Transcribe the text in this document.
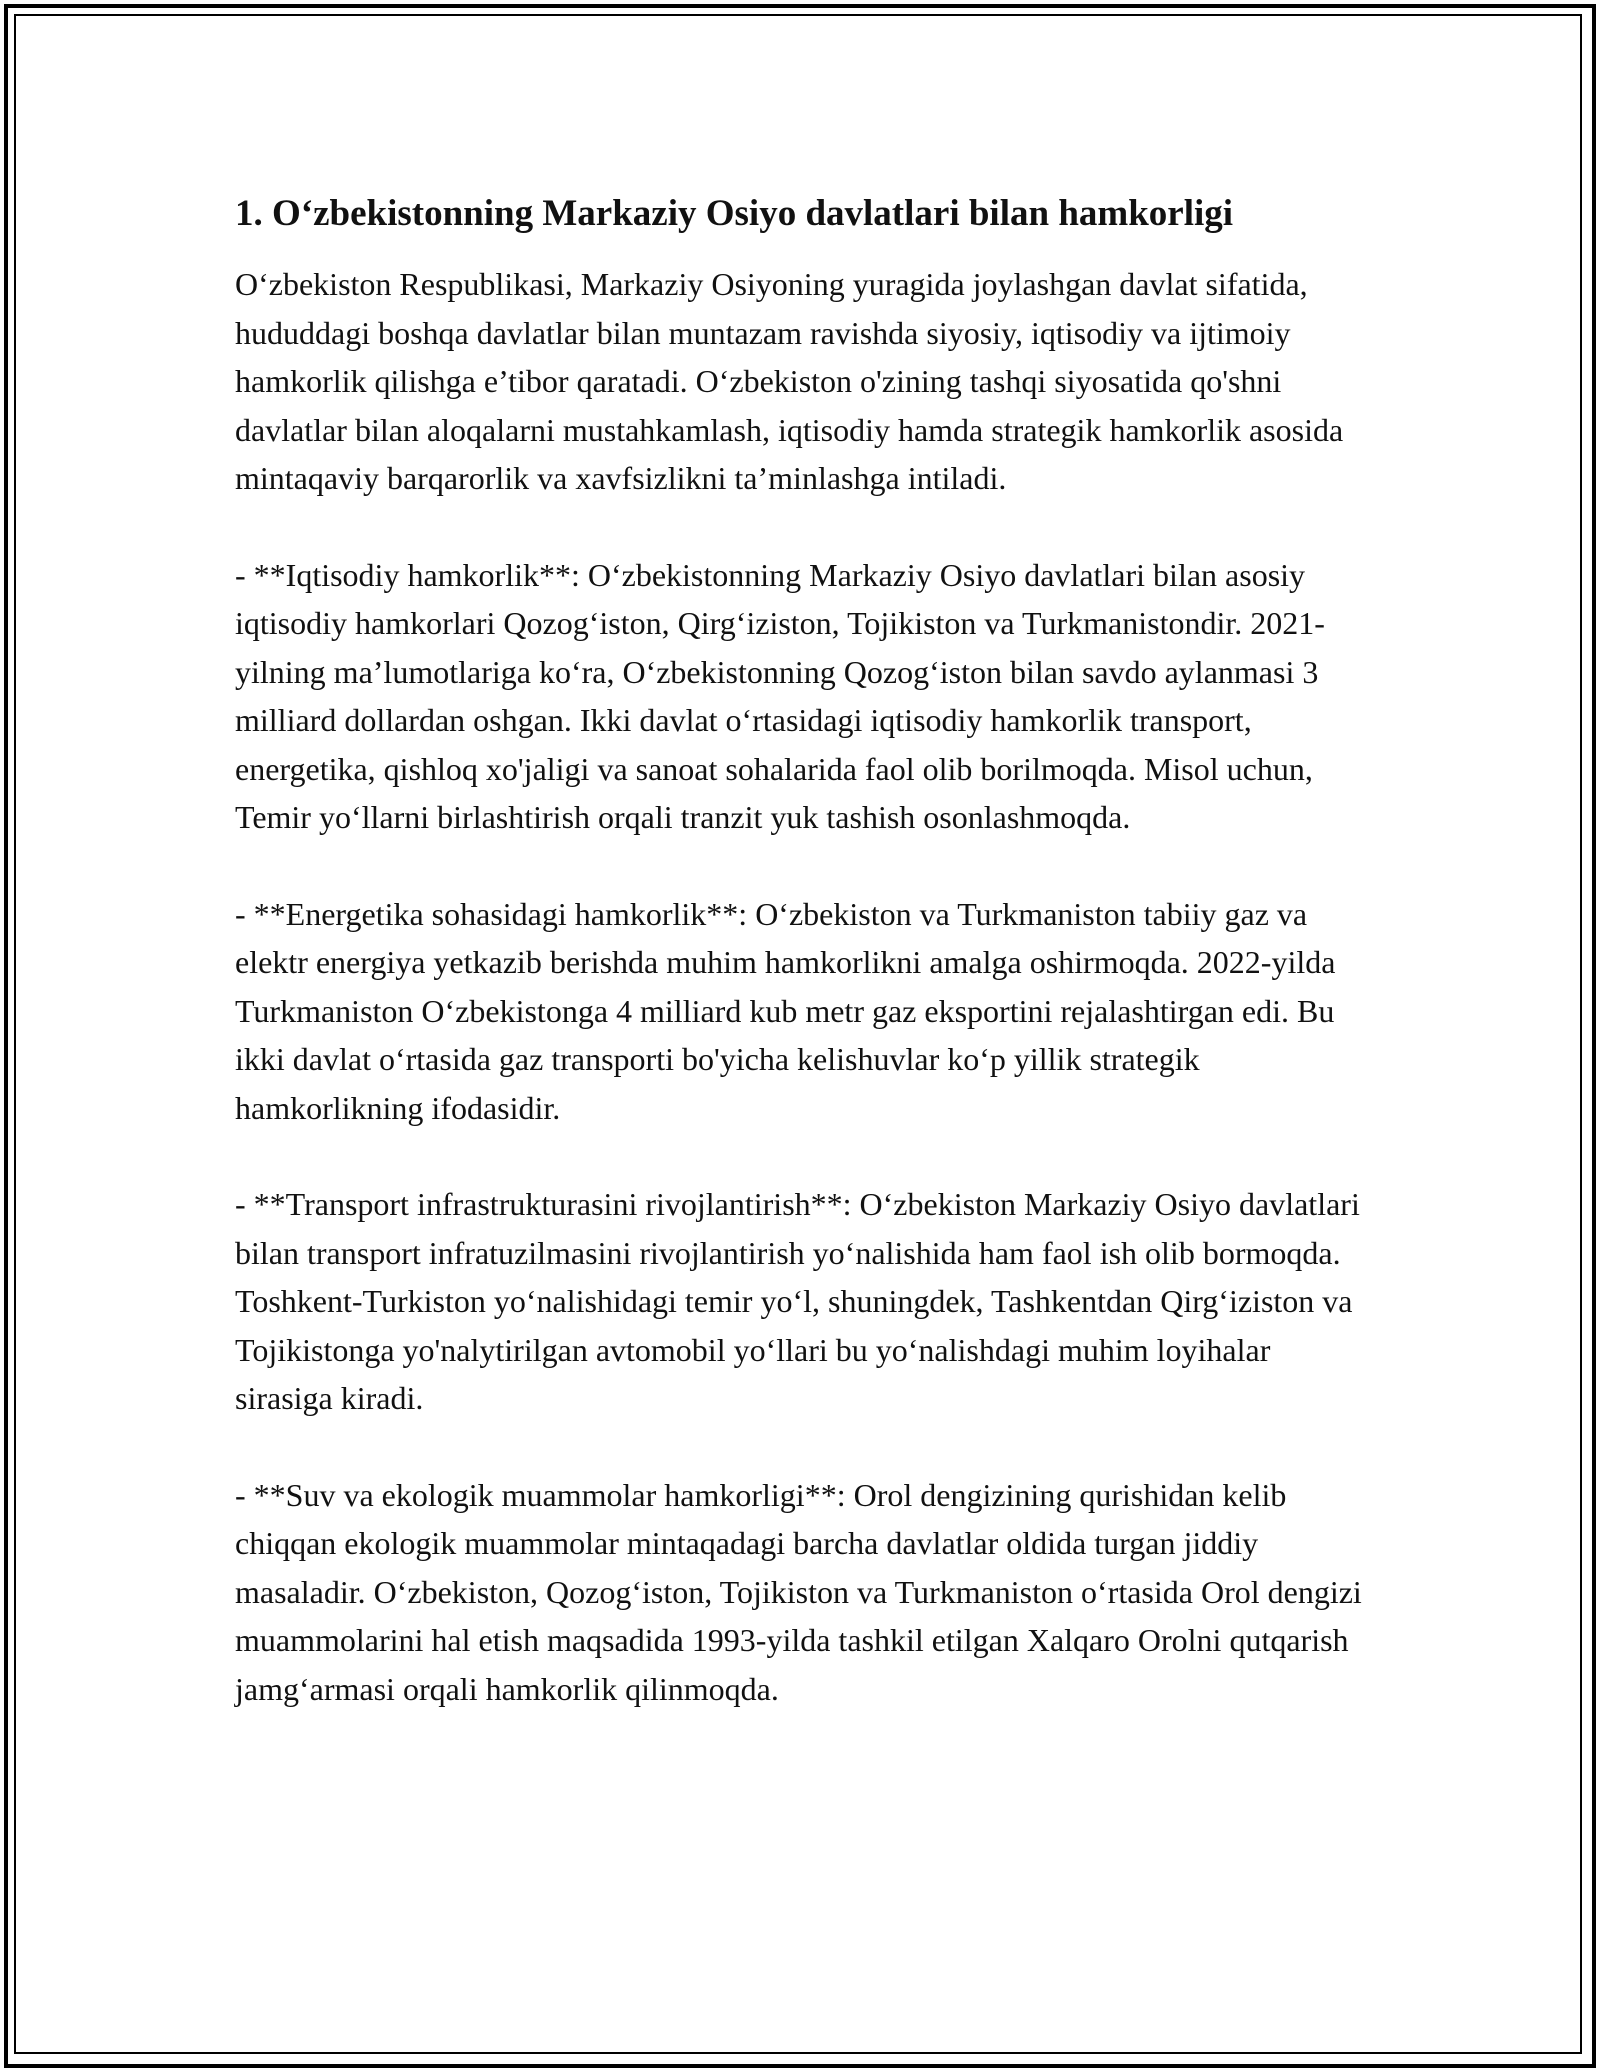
1. O‘zbekistonning Markaziy Osiyo davlatlari bilan hamkorligi

O‘zbekiston Respublikasi, Markaziy Osiyoning yuragida joylashgan davlat sifatida, hududdagi boshqa davlatlar bilan muntazam ravishda siyosiy, iqtisodiy va ijtimoiy hamkorlik qilishga e’tibor qaratadi. O‘zbekiston o'zining tashqi siyosatida qo'shni davlatlar bilan aloqalarni mustahkamlash, iqtisodiy hamda strategik hamkorlik asosida mintaqaviy barqarorlik va xavfsizlikni ta’minlashga intiladi.

- **Iqtisodiy hamkorlik**: O‘zbekistonning Markaziy Osiyo davlatlari bilan asosiy iqtisodiy hamkorlari Qozog‘iston, Qirg‘iziston, Tojikiston va Turkmanistondir. 2021-yilning ma’lumotlariga ko‘ra, O‘zbekistonning Qozog‘iston bilan savdo aylanmasi 3 milliard dollardan oshgan. Ikki davlat o‘rtasidagi iqtisodiy hamkorlik transport, energetika, qishloq xo'jaligi va sanoat sohalarida faol olib borilmoqda. Misol uchun, Temir yo‘llarni birlashtirish orqali tranzit yuk tashish osonlashmoqda.

- **Energetika sohasidagi hamkorlik**: O‘zbekiston va Turkmaniston tabiiy gaz va elektr energiya yetkazib berishda muhim hamkorlikni amalga oshirmoqda. 2022-yilda Turkmaniston O‘zbekistonga 4 milliard kub metr gaz eksportini rejalashtirgan edi. Bu ikki davlat o‘rtasida gaz transporti bo'yicha kelishuvlar ko‘p yillik strategik hamkorlikning ifodasidir.

- **Transport infrastrukturasini rivojlantirish**: O‘zbekiston Markaziy Osiyo davlatlari bilan transport infratuzilmasini rivojlantirish yo‘nalishida ham faol ish olib bormoqda. Toshkent-Turkiston yo‘nalishidagi temir yo‘l, shuningdek, Tashkentdan Qirg‘iziston va Tojikistonga yo'nalytirilgan avtomobil yo‘llari bu yo‘nalishdagi muhim loyihalar sirasiga kiradi.

- **Suv va ekologik muammolar hamkorligi**: Orol dengizining qurishidan kelib chiqqan ekologik muammolar mintaqadagi barcha davlatlar oldida turgan jiddiy masaladir. O‘zbekiston, Qozog‘iston, Tojikiston va Turkmaniston o‘rtasida Orol dengizi muammolarini hal etish maqsadida 1993-yilda tashkil etilgan Xalqaro Orolni qutqarish jamg‘armasi orqali hamkorlik qilinmoqda.
